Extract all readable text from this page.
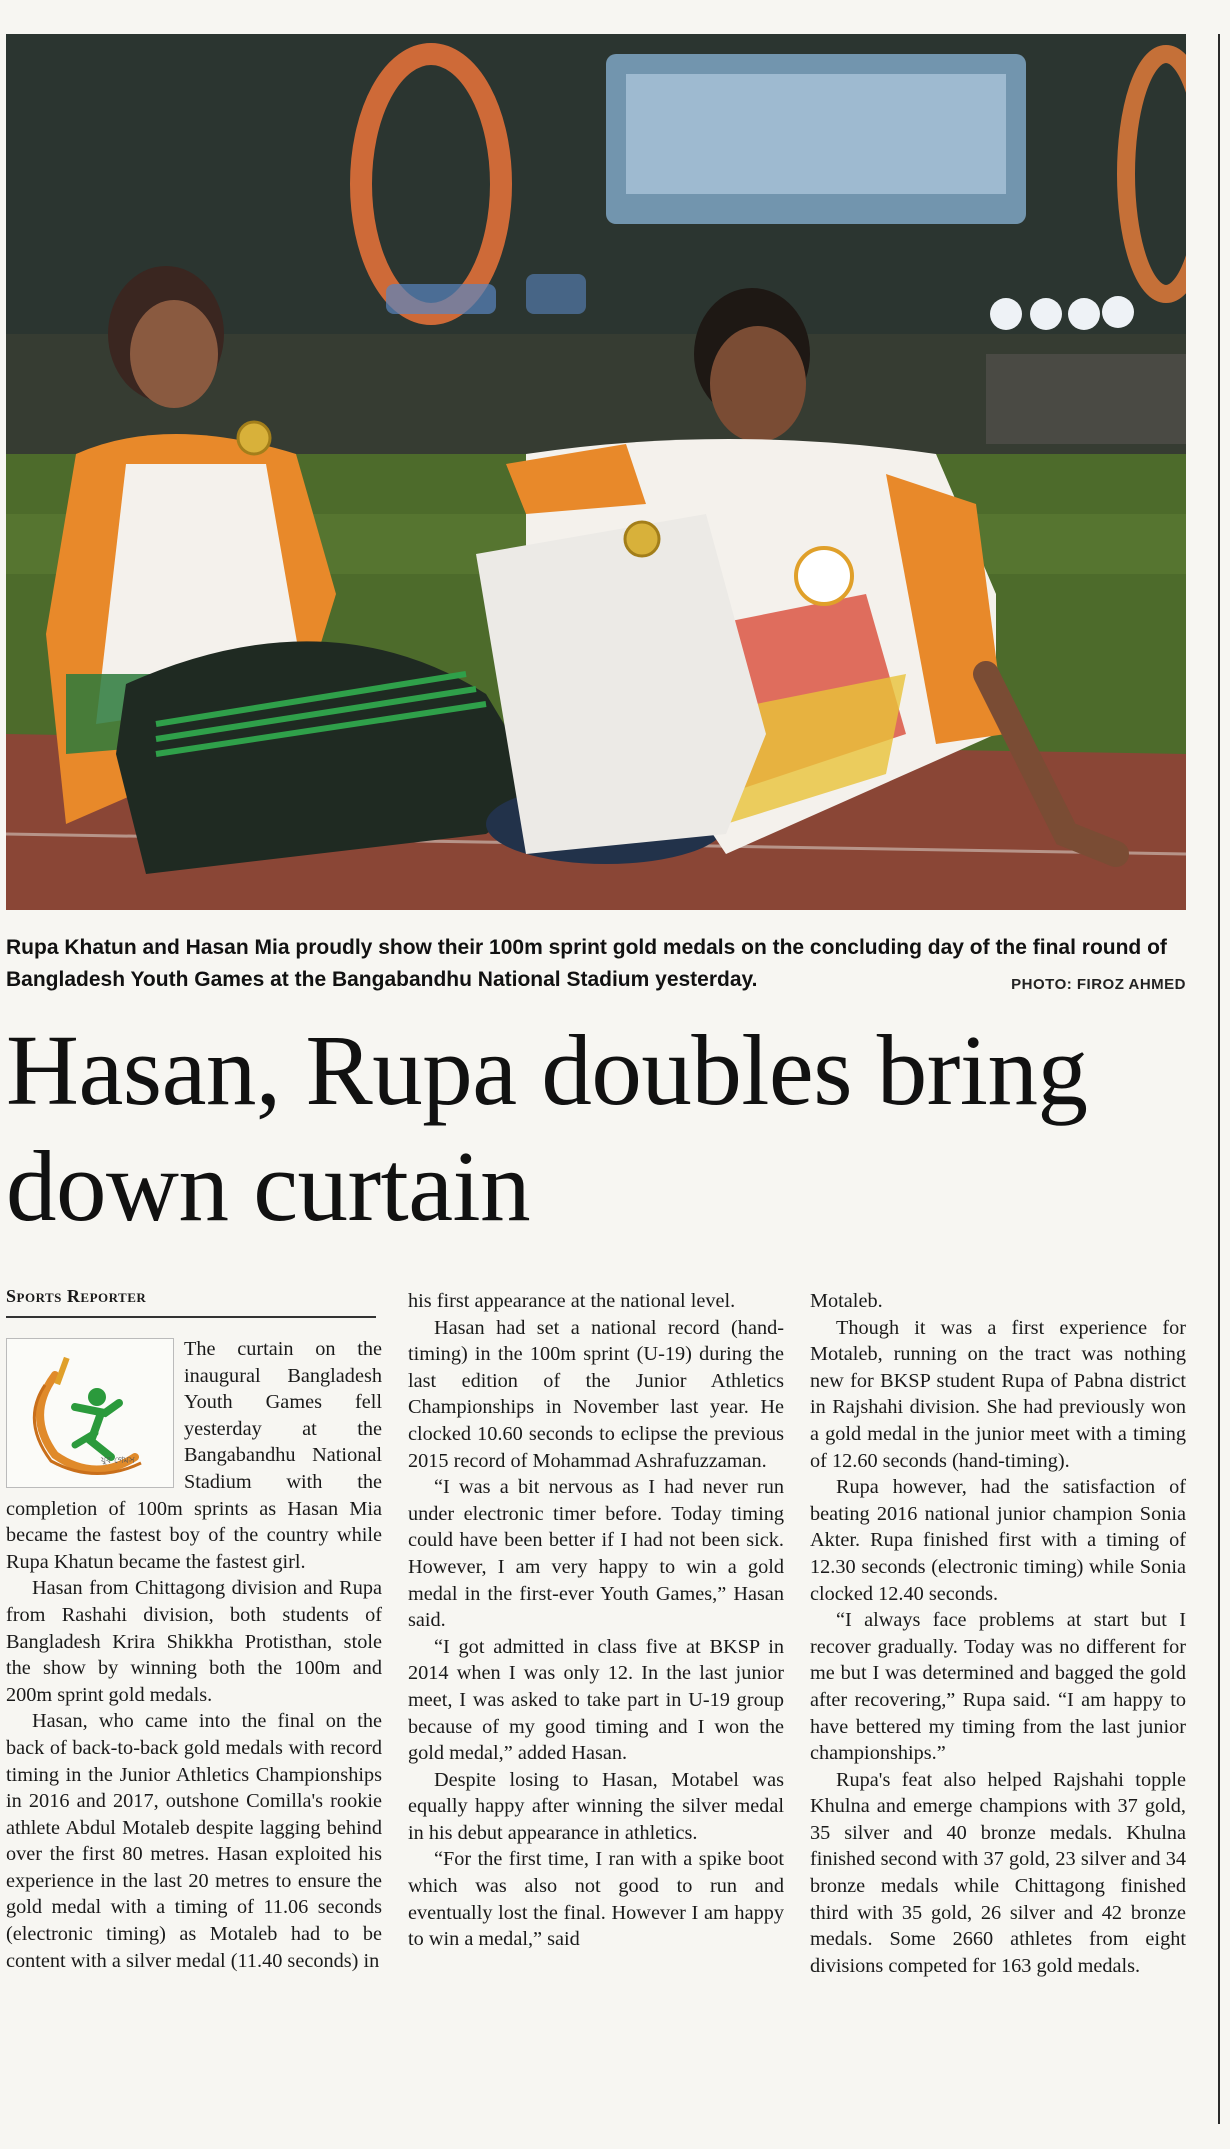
Rupa Khatun and Hasan Mia proudly show their 100m sprint gold medals on the concluding day of the final round of Bangladesh Youth Games at the Bangabandhu National Stadium yesterday.	PHOTO: FIROZ AHMED
Hasan, Rupa doubles bring down curtain
Sports Reporter
যুব গেমস

The curtain on the inaugural Bangladesh Youth Games fell yesterday at the Bangabandhu National Stadium with the completion of 100m sprints as Hasan Mia became the fastest boy of the country while Rupa Khatun became the fastest girl.

Hasan from Chittagong division and Rupa from Rashahi division, both students of Bangladesh Krira Shikkha Protisthan, stole the show by winning both the 100m and 200m sprint gold medals.

Hasan, who came into the final on the back of back-to-back gold medals with record timing in the Junior Athletics Championships in 2016 and 2017, outshone Comilla's rookie athlete Abdul Motaleb despite lagging behind over the first 80 metres. Hasan exploited his experience in the last 20 metres to ensure the gold medal with a timing of 11.06 seconds (electronic timing) as Motaleb had to be content with a silver medal (11.40 seconds) in

his first appearance at the national level.

Hasan had set a national record (hand-timing) in the 100m sprint (U-19) during the last edition of the Junior Athletics Championships in November last year. He clocked 10.60 seconds to eclipse the previous 2015 record of Mohammad Ashrafuzzaman.

“I was a bit nervous as I had never run under electronic timer before. Today timing could have been better if I had not been sick. However, I am very happy to win a gold medal in the first-ever Youth Games,” Hasan said.

“I got admitted in class five at BKSP in 2014 when I was only 12. In the last junior meet, I was asked to take part in U-19 group because of my good timing and I won the gold medal,” added Hasan.

Despite losing to Hasan, Motabel was equally happy after winning the silver medal in his debut appearance in athletics.

“For the first time, I ran with a spike boot which was also not good to run and eventually lost the final. However I am happy to win a medal,” said

Motaleb.

Though it was a first experience for Motaleb, running on the tract was nothing new for BKSP student Rupa of Pabna district in Rajshahi division. She had previously won a gold medal in the junior meet with a timing of 12.60 seconds (hand-timing).

Rupa however, had the satisfaction of beating 2016 national junior champion Sonia Akter. Rupa finished first with a timing of 12.30 seconds (electronic timing) while Sonia clocked 12.40 seconds.

“I always face problems at start but I recover gradually. Today was no different for me but I was determined and bagged the gold after recovering,” Rupa said. “I am happy to have bettered my timing from the last junior championships.”

Rupa's feat also helped Rajshahi topple Khulna and emerge champions with 37 gold, 35 silver and 40 bronze medals. Khulna finished second with 37 gold, 23 silver and 34 bronze medals while Chittagong finished third with 35 gold, 26 silver and 42 bronze medals. Some 2660 athletes from eight divisions competed for 163 gold medals.
